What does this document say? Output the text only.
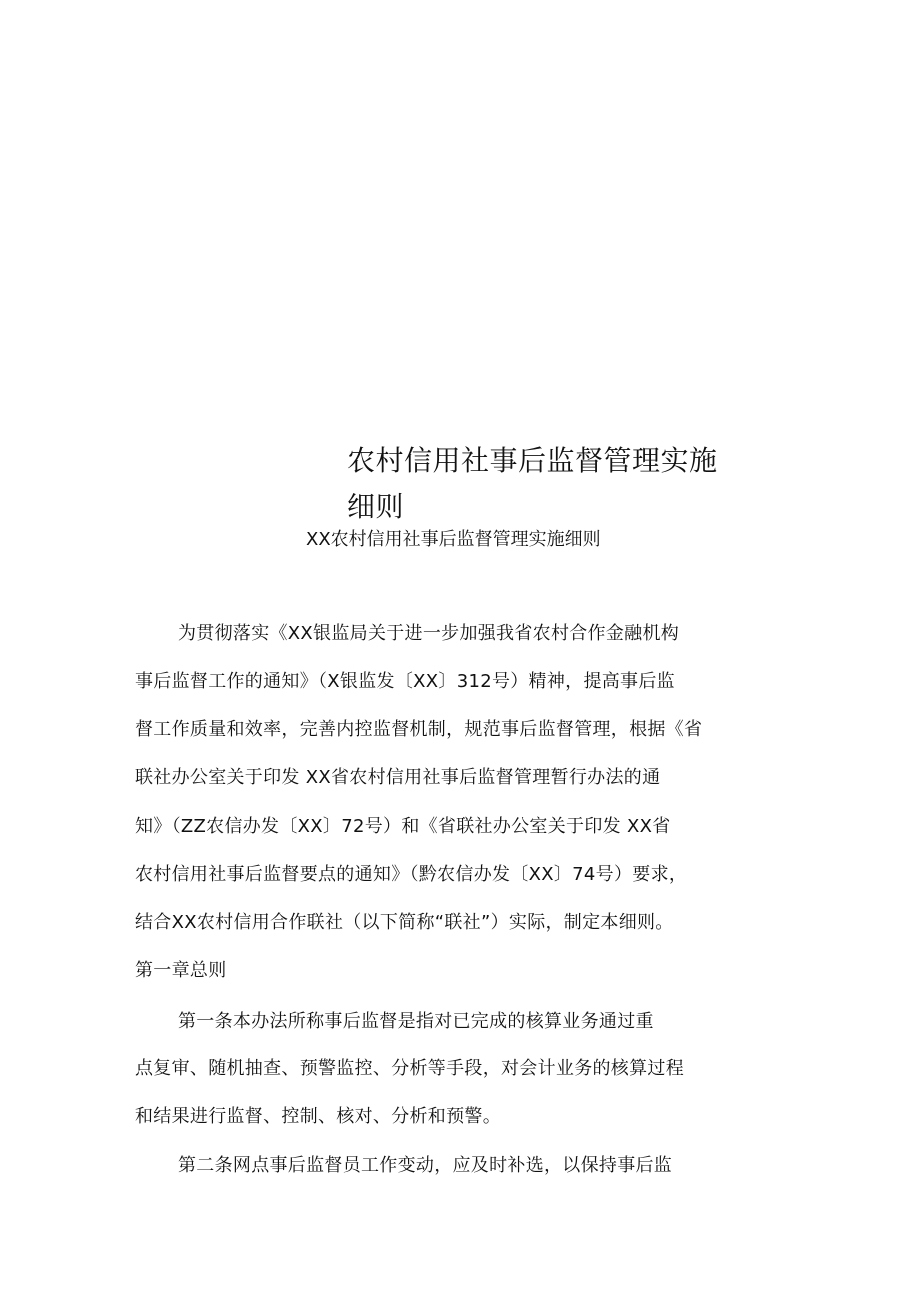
农村信用社事后监督管理实施
细则
XX农村信用社事后监督管理实施细则
为贯彻落实《XX银监局关于进一步加强我省农村合作金融机构
事后监督工作的通知》（X银监发〔XX〕312号）精神，提高事后监
督工作质量和效率，完善内控监督机制，规范事后监督管理，根据《省
联社办公室关于印发 XX省农村信用社事后监督管理暂行办法的通
知》（ZZ农信办发〔XX〕72号）和《省联社办公室关于印发 XX省
农村信用社事后监督要点的通知》（黔农信办发〔XX〕74号）要求，
结合XX农村信用合作联社（以下简称“联社”）实际，制定本细则。
第一章总则
第一条本办法所称事后监督是指对已完成的核算业务通过重
点复审、随机抽查、预警监控、分析等手段，对会计业务的核算过程
和结果进行监督、控制、核对、分析和预警。
第二条网点事后监督员工作变动，应及时补选，以保持事后监
